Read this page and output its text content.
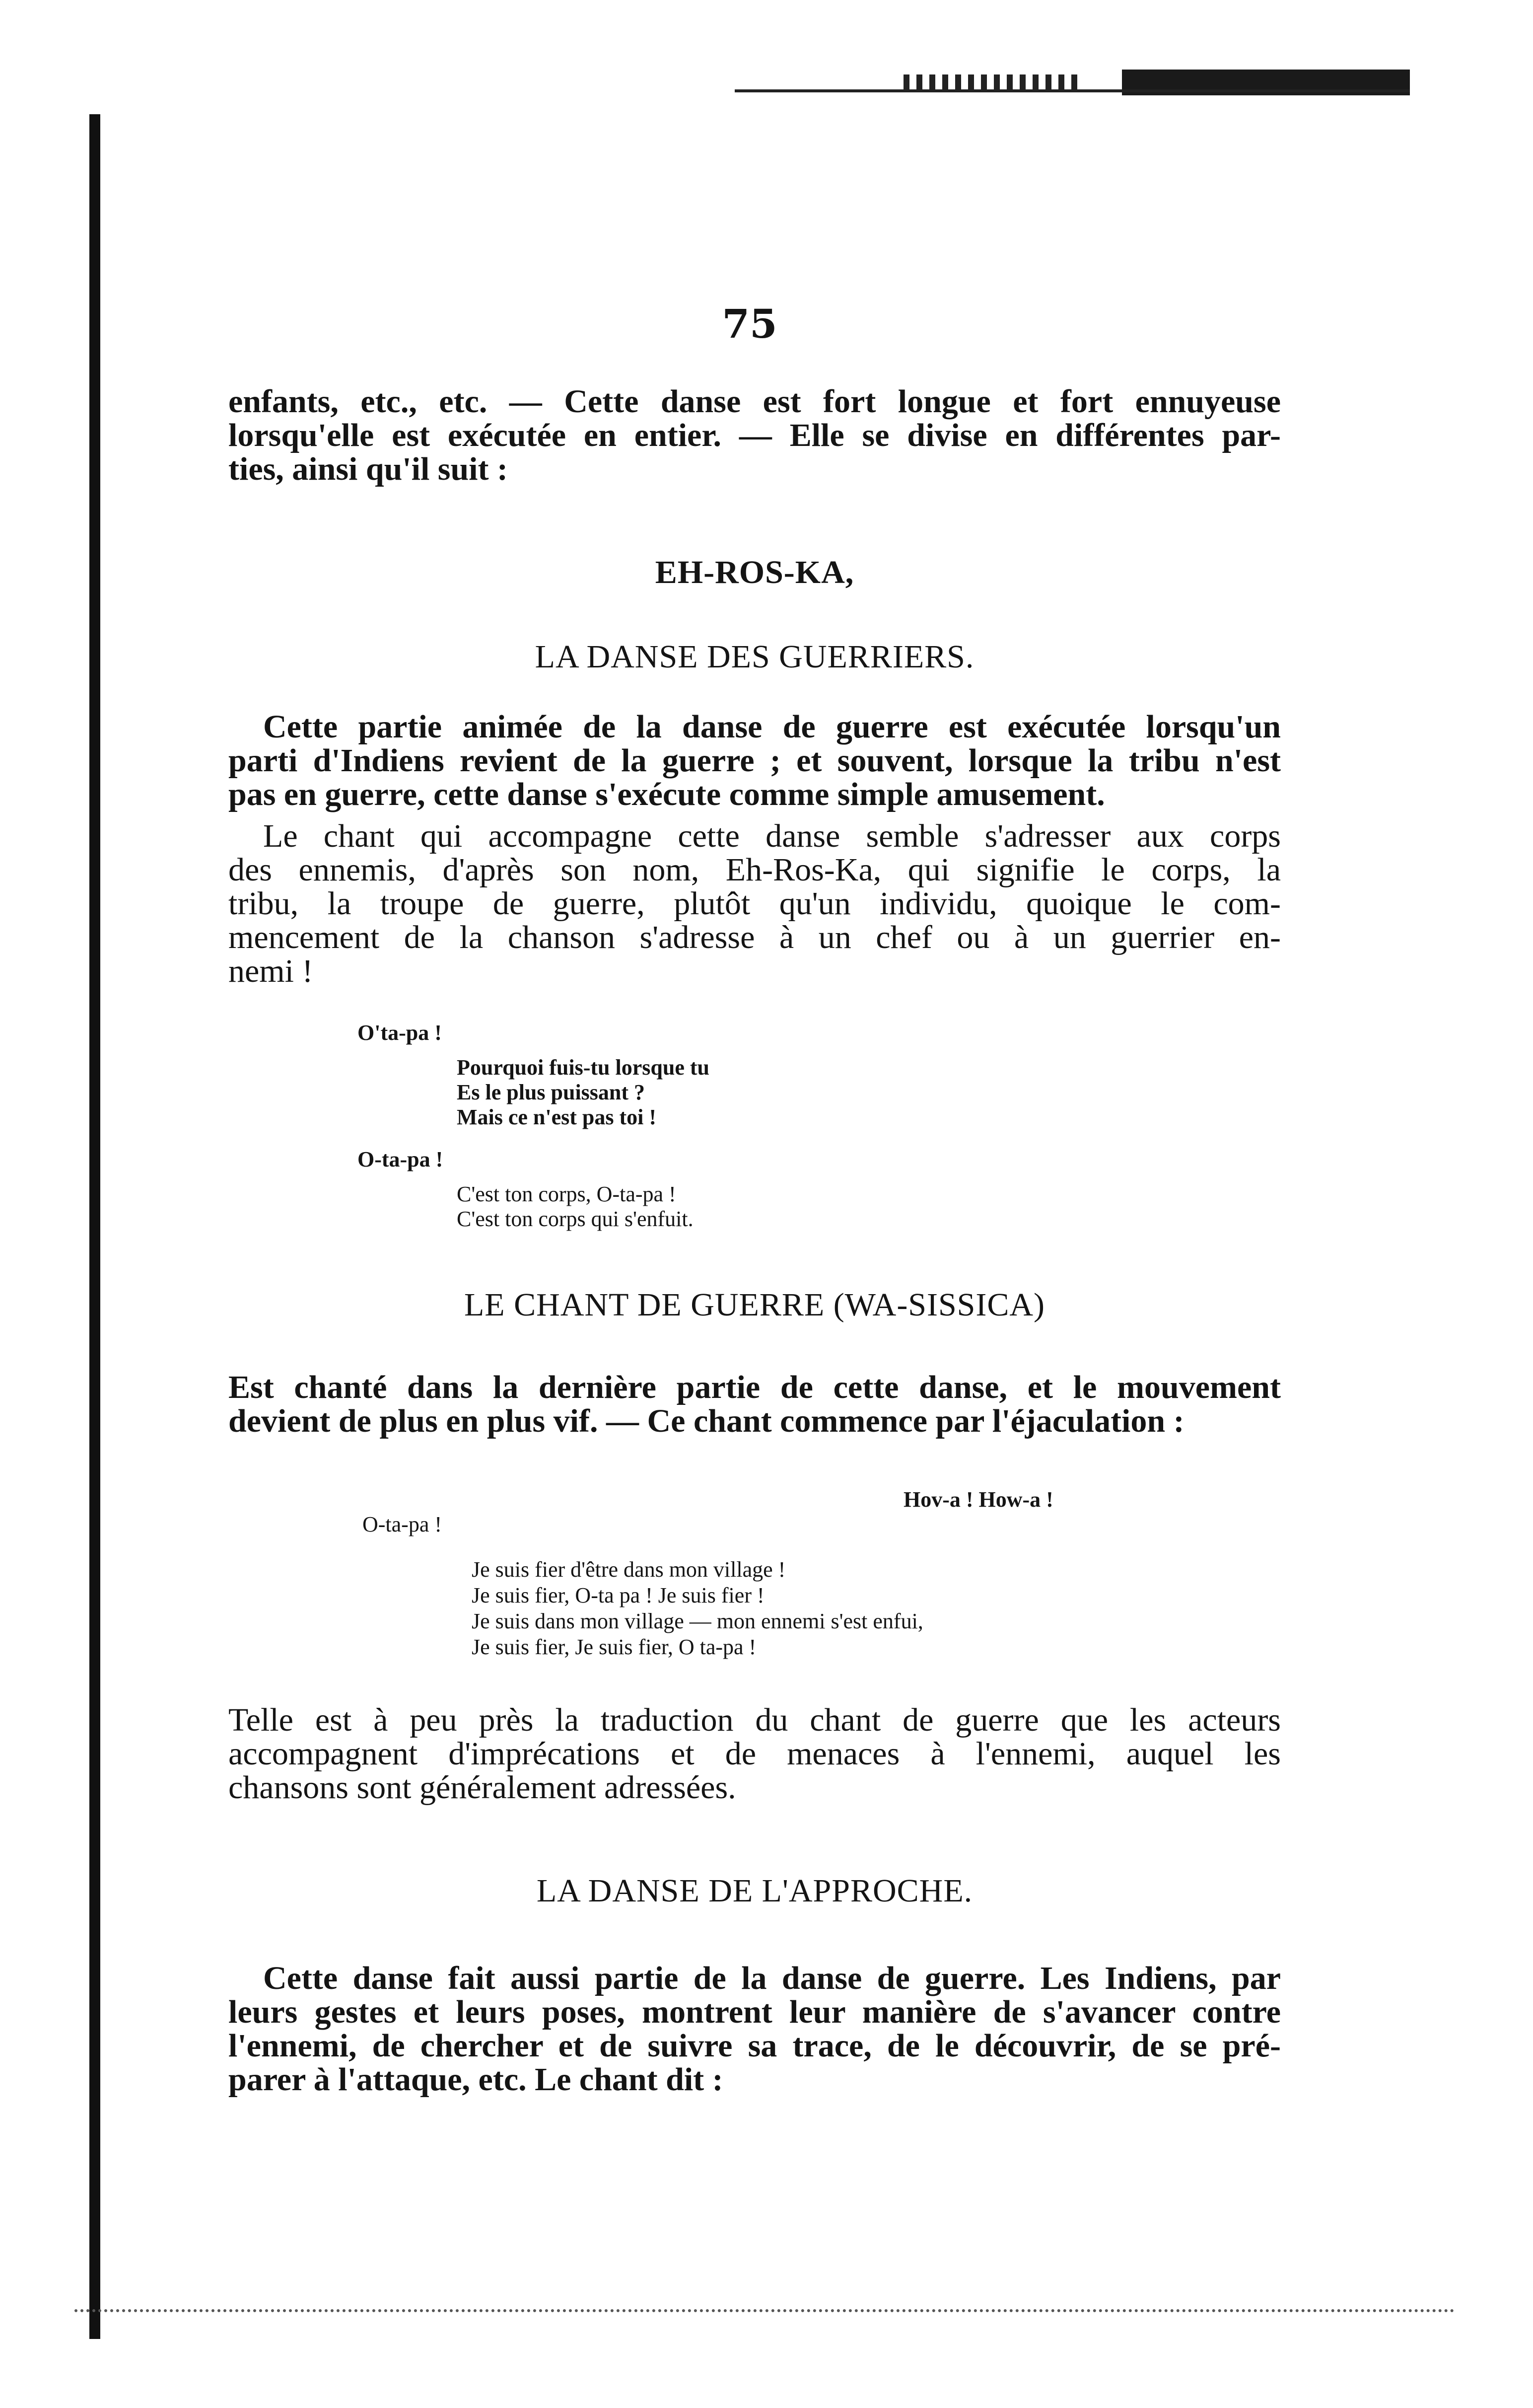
75
enfants, etc., etc. — Cette danse est fort longue et fort ennuyeuse
lorsqu'elle est exécutée en entier. — Elle se divise en différentes par-
ties, ainsi qu'il suit :
EH-ROS-KA,
LA DANSE DES GUERRIERS.
Cette partie animée de la danse de guerre est exécutée lorsqu'un
parti d'Indiens revient de la guerre ; et souvent, lorsque la tribu n'est
pas en guerre, cette danse s'exécute comme simple amusement.
Le chant qui accompagne cette danse semble s'adresser aux corps
des ennemis, d'après son nom, Eh-Ros-Ka, qui signifie le corps, la
tribu, la troupe de guerre, plutôt qu'un individu, quoique le com-
mencement de la chanson s'adresse à un chef ou à un guerrier en-
nemi !
O'ta-pa !
Pourquoi fuis-tu lorsque tu
Es le plus puissant ?
Mais ce n'est pas toi !
O-ta-pa !
C'est ton corps, O-ta-pa !
C'est ton corps qui s'enfuit.
LE CHANT DE GUERRE (WA-SISSICA)
Est chanté dans la dernière partie de cette danse, et le mouvement
devient de plus en plus vif. — Ce chant commence par l'éjaculation :
Hov-a ! How-a !
O-ta-pa !
Je suis fier d'être dans mon village !
Je suis fier, O-ta pa ! Je suis fier !
Je suis dans mon village — mon ennemi s'est enfui,
Je suis fier, Je suis fier, O ta-pa !
Telle est à peu près la traduction du chant de guerre que les acteurs
accompagnent d'imprécations et de menaces à l'ennemi, auquel les
chansons sont généralement adressées.
LA DANSE DE L'APPROCHE.
Cette danse fait aussi partie de la danse de guerre. Les Indiens, par
leurs gestes et leurs poses, montrent leur manière de s'avancer contre
l'ennemi, de chercher et de suivre sa trace, de le découvrir, de se pré-
parer à l'attaque, etc. Le chant dit :
